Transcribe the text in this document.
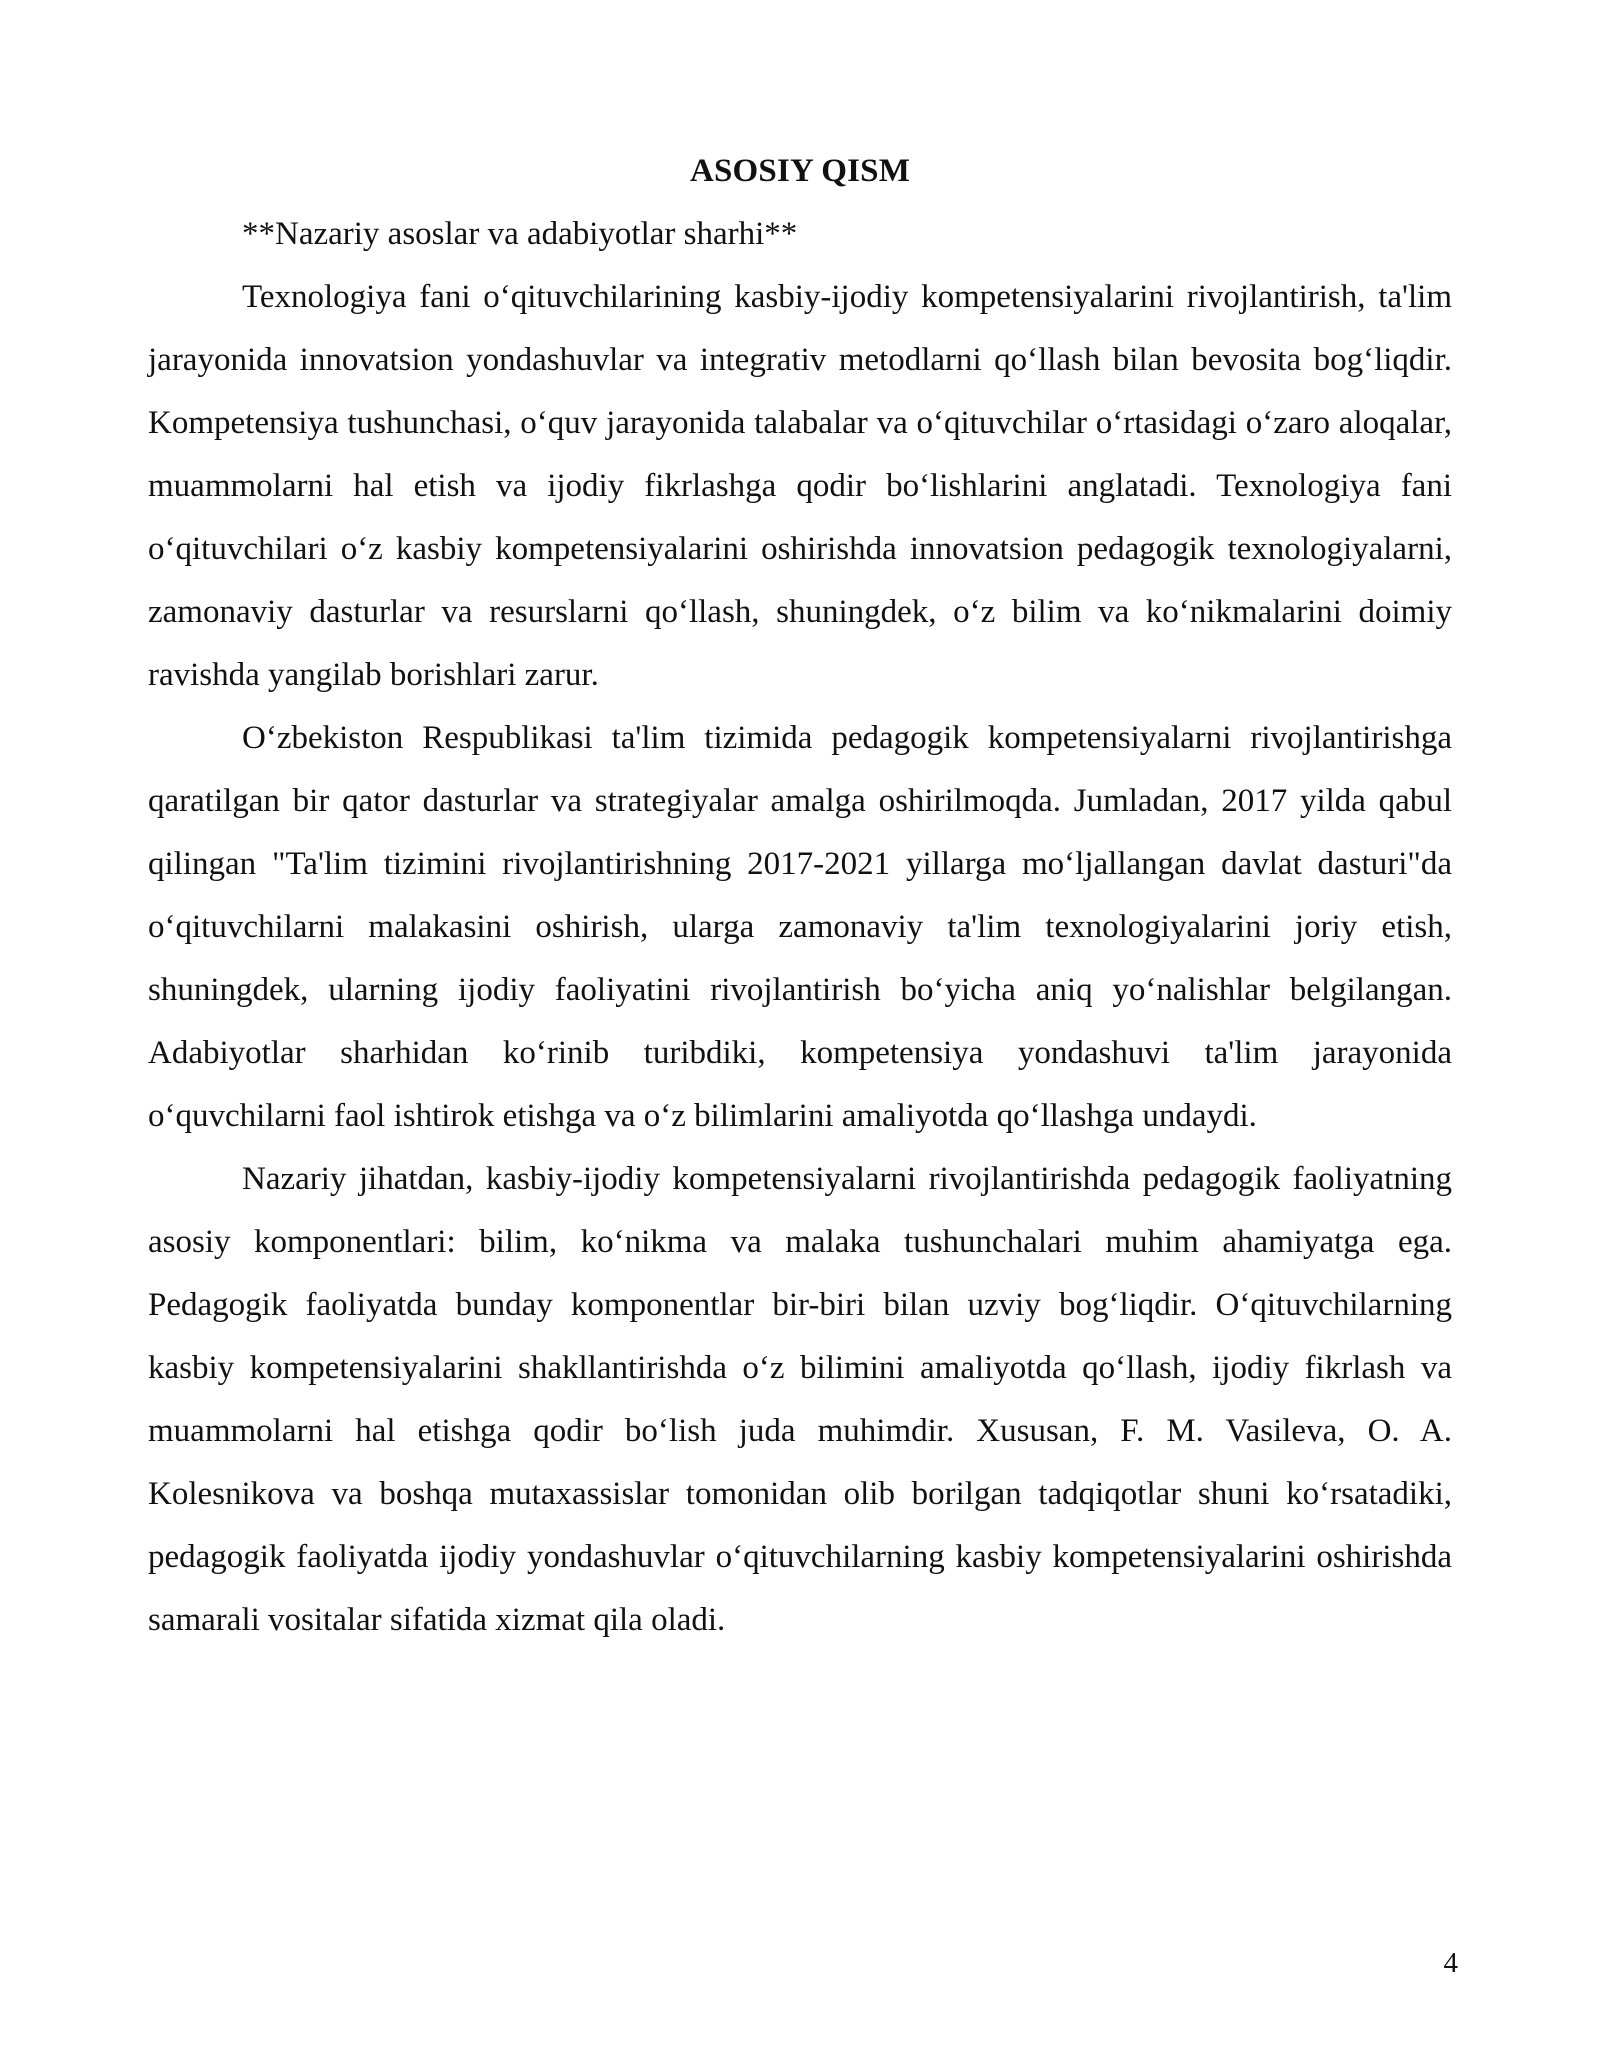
ASOSIY QISM

**Nazariy asoslar va adabiyotlar sharhi**

Texnologiya fani o‘qituvchilarining kasbiy-ijodiy kompetensiyalarini rivojlantirish, ta'lim jarayonida innovatsion yondashuvlar va integrativ metodlarni qo‘llash bilan bevosita bog‘liqdir. Kompetensiya tushunchasi, o‘quv jarayonida talabalar va o‘qituvchilar o‘rtasidagi o‘zaro aloqalar, muammolarni hal etish va ijodiy fikrlashga qodir bo‘lishlarini anglatadi. Texnologiya fani o‘qituvchilari o‘z kasbiy kompetensiyalarini oshirishda innovatsion pedagogik texnologiyalarni, zamonaviy dasturlar va resurslarni qo‘llash, shuningdek, o‘z bilim va ko‘nikmalarini doimiy ravishda yangilab borishlari zarur.

O‘zbekiston Respublikasi ta'lim tizimida pedagogik kompetensiyalarni rivojlantirishga qaratilgan bir qator dasturlar va strategiyalar amalga oshirilmoqda. Jumladan, 2017 yilda qabul qilingan "Ta'lim tizimini rivojlantirishning 2017-2021 yillarga mo‘ljallangan davlat dasturi"da o‘qituvchilarni malakasini oshirish, ularga zamonaviy ta'lim texnologiyalarini joriy etish, shuningdek, ularning ijodiy faoliyatini rivojlantirish bo‘yicha aniq yo‘nalishlar belgilangan. Adabiyotlar sharhidan ko‘rinib turibdiki, kompetensiya yondashuvi ta'lim jarayonida o‘quvchilarni faol ishtirok etishga va o‘z bilimlarini amaliyotda qo‘llashga undaydi.

Nazariy jihatdan, kasbiy-ijodiy kompetensiyalarni rivojlantirishda pedagogik faoliyatning asosiy komponentlari: bilim, ko‘nikma va malaka tushunchalari muhim ahamiyatga ega. Pedagogik faoliyatda bunday komponentlar bir-biri bilan uzviy bog‘liqdir. O‘qituvchilarning kasbiy kompetensiyalarini shakllantirishda o‘z bilimini amaliyotda qo‘llash, ijodiy fikrlash va muammolarni hal etishga qodir bo‘lish juda muhimdir. Xususan, F. M. Vasileva, O. A. Kolesnikova va boshqa mutaxassislar tomonidan olib borilgan tadqiqotlar shuni ko‘rsatadiki, pedagogik faoliyatda ijodiy yondashuvlar o‘qituvchilarning kasbiy kompetensiyalarini oshirishda samarali vositalar sifatida xizmat qila oladi.

4
